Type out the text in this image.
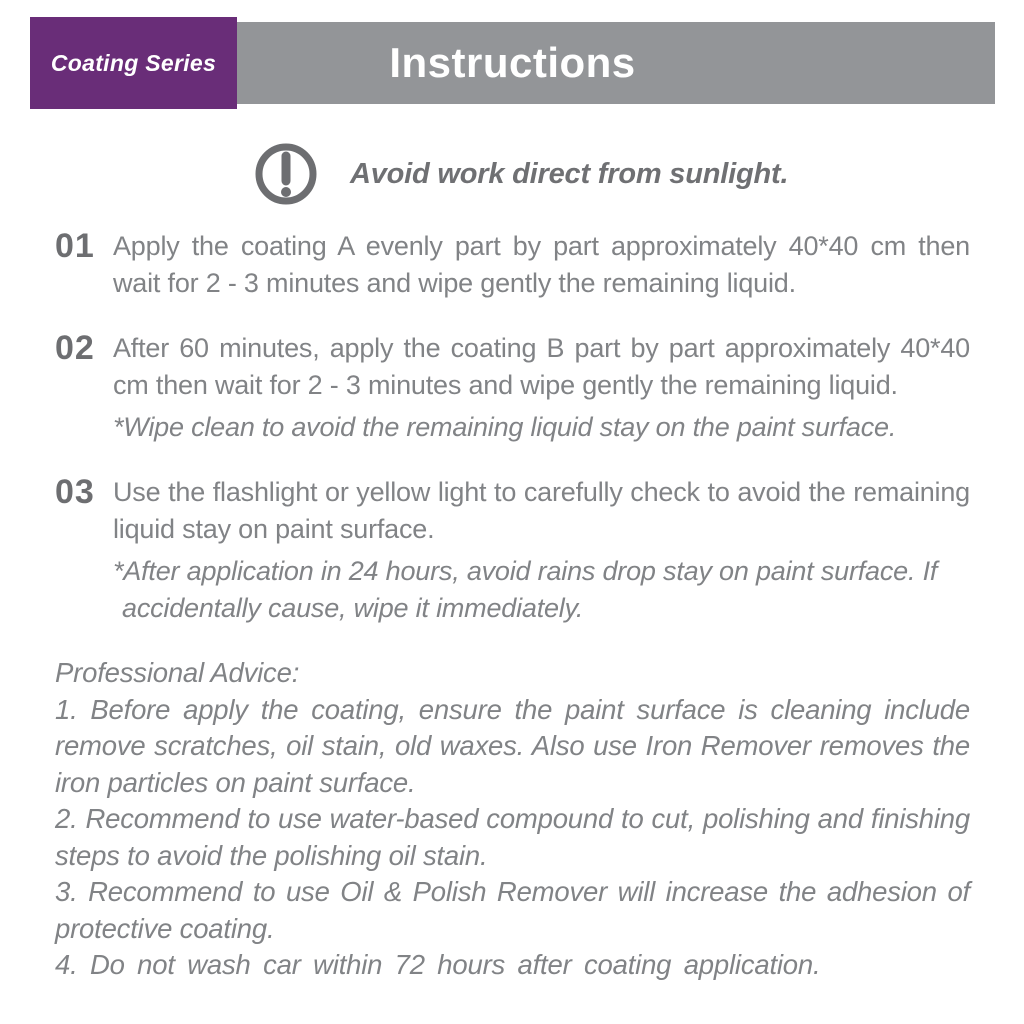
Instructions
Coating Series
Avoid work direct from sunlight.
01 Apply the coating A evenly part by part approximately 40*40 cm then wait for 2 - 3 minutes and wipe gently the remaining liquid.

02 After 60 minutes, apply the coating B part by part approximately 40*40 cm then wait for 2 - 3 minutes and wipe gently the remaining liquid.

*Wipe clean to avoid the remaining liquid stay on the paint surface.

03 Use the flashlight or yellow light to carefully check to avoid the remaining liquid stay on paint surface.

*After application in 24 hours, avoid rains drop stay on paint surface. If accidentally cause, wipe it immediately.

Professional Advice:

1. Before apply the coating, ensure the paint surface is cleaning include remove scratches, oil stain, old waxes. Also use Iron Remover removes the iron particles on paint surface.

2. Recommend to use water-based compound to cut, polishing and finishing steps to avoid the polishing oil stain.

3. Recommend to use Oil & Polish Remover will increase the adhesion of protective coating.

4. Do not wash car within 72 hours after coating application.
